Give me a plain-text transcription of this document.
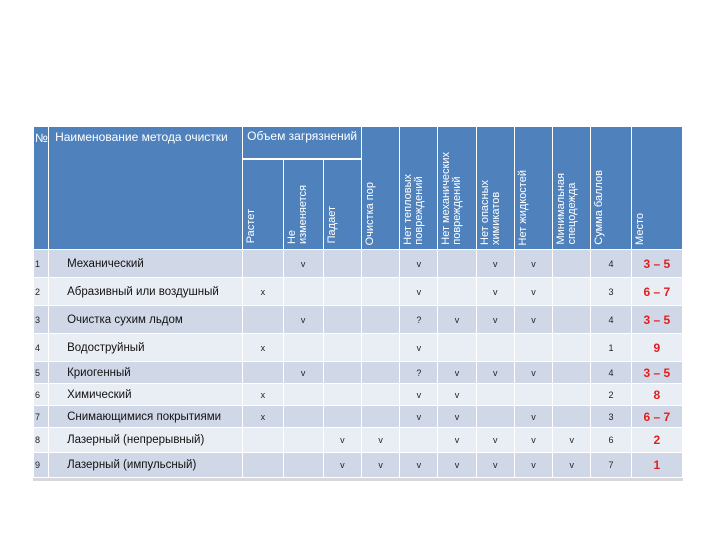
№	Наименование метода очистки	Объем загрязнений			Очистка пор	Нет тепловых
повреждений	Нет механических
повреждений	Нет опасных
химикатов	Нет жидкостей	Минимальная
спецодежда	Сумма баллов	Место

		Растет	Не
изменяется	Падает								

1	Механический		v			v		v	v		4	3 – 5
2	Абразивный или воздушный	x				v		v	v		3	6 – 7
3	Очистка сухим льдом		v			?	v	v	v		4	3 – 5
4	Водоструйный	x				v					1	9
5	Криогенный		v			?	v	v	v		4	3 – 5
6	Химический	x				v	v				2	8
7	Снимающимися покрытиями	x				v	v		v		3	6 – 7
8	Лазерный (непрерывный)			v	v		v	v	v	v	6	2
9	Лазерный (импульсный)			v	v	v	v	v	v	v	7	1
